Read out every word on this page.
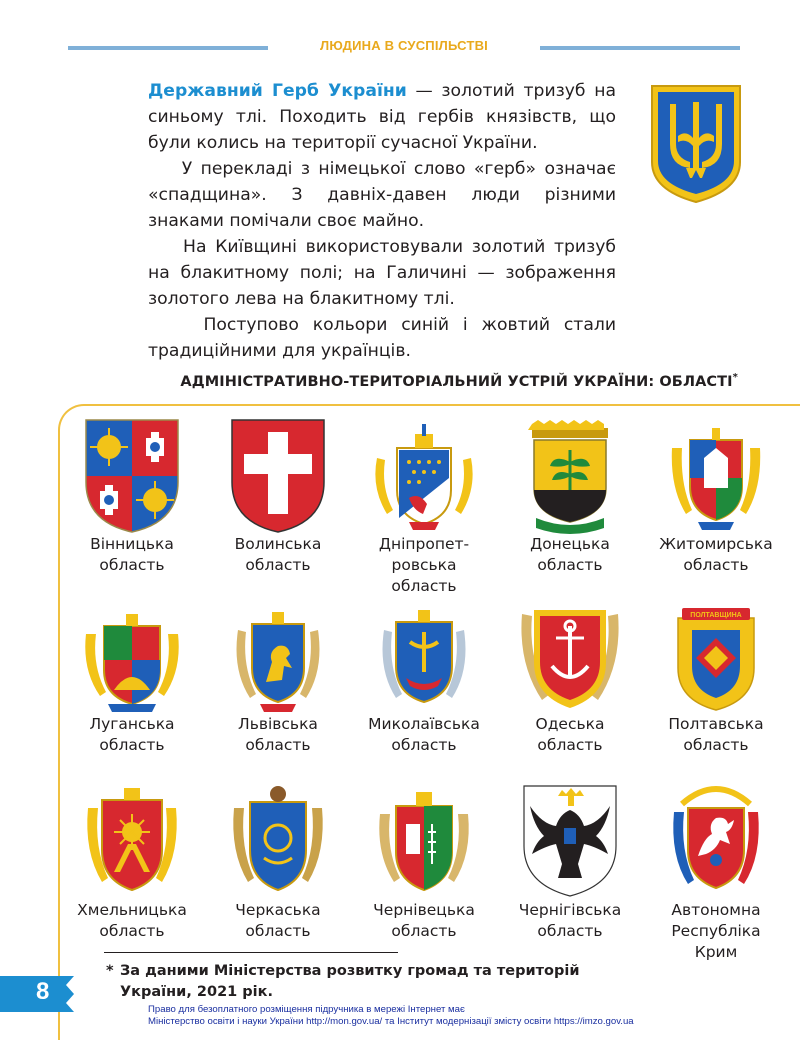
ЛЮДИНА В СУСПІЛЬСТВІ

Державний Герб України — золотий тризуб на синьому тлі. Походить від гербів князівств, що були колись на території сучасної України.

У перекладі з німецької слово «герб» означає «спадщина». З давніх-давен люди різними знаками помічали своє майно.

На Київщині використовували золотий тризуб на блакитному полі; на Галичині — зображення золотого лева на блакитному тлі.

Поступово кольори синій і жовтий стали традиційними для українців.

АДМІНІСТРАТИВНО-ТЕРИТОРІАЛЬНИЙ УСТРІЙ УКРАЇНИ: ОБЛАСТІ*
Вінницька
область
Волинська
область
Дніпропет-
ровська
область
Донецька
область
Житомирська
область
Луганська
область
Львівська
область
Миколаївська
область
Одеська
область
ПОЛТАВЩИНА
Полтавська
область
Хмельницька
область
Черкаська
область
Чернівецька
область
Чернігівська
область
Автономна
Республіка
Крим
* За даними Міністерства розвитку громад та територій України, 2021 рік.
8
Право для безоплатного розміщення підручника в мережі Інтернет має
Міністерство освіти і науки України http://mon.gov.ua/ та Інститут модернізації змісту освіти https://imzo.gov.ua
